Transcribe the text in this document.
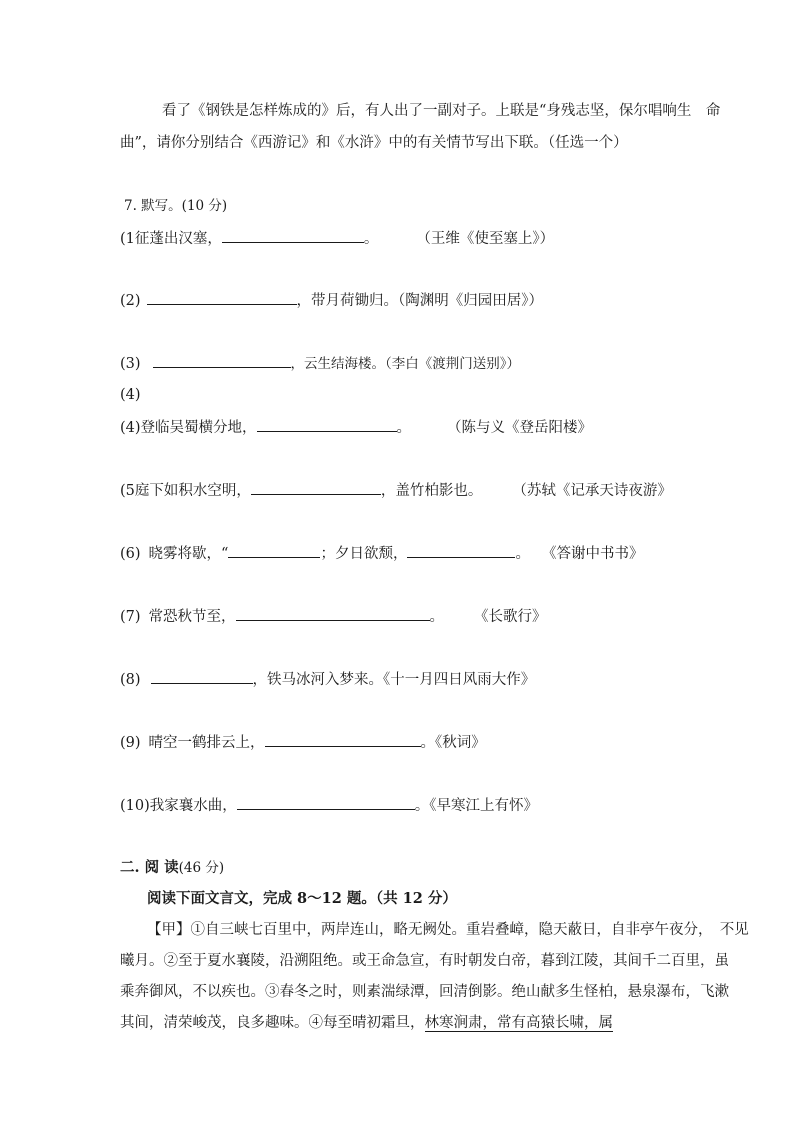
看了《钢铁是怎样炼成的》后，有人出了一副对子。上联是“身残志坚，保尔唱响生　命
曲”，请你分别结合《西游记》和《水浒》中的有关情节写出下联。（任选一个）
7. 默写。(10 分)
(1征蓬出汉塞，	。	（王维《使至塞上》）
(2)	，带月荷锄归。（陶渊明《归园田居》）
(3)	，云生结海楼。（李白《渡荆门送别》）
(4)
(4)登临吴蜀横分地，	。 （陈与义《登岳阳楼》
(5庭下如积水空明，	，盖竹柏影也。 （苏轼《记承天诗夜游》
(6) 晓雾将歇，“	；夕日欲颓，	。 《答谢中书书》
(7) 常恐秋节至，	。 《长歌行》
(8)	，铁马冰河入梦来。《十一月四日风雨大作》
(9) 晴空一鹤排云上，	。《秋词》
(10)我家襄水曲，	。《早寒江上有怀》
二. 阅 读(46 分)
阅读下面文言文，完成 8～12 题。（共 12 分）
【甲】①自三峡七百里中，两岸连山，略无阙处。重岩叠嶂，隐天蔽日，自非亭午夜分，　不见
曦月。②至于夏水襄陵，沿溯阻绝。或王命急宣，有时朝发白帝，暮到江陵，其间千二百里，虽
乘奔御风，不以疾也。③春冬之时，则素湍绿潭，回清倒影。绝山献多生怪柏，悬泉瀑布，飞漱
其间，清荣峻茂，良多趣味。④每至晴初霜旦，林寒涧肃，常有高猿长啸，属
